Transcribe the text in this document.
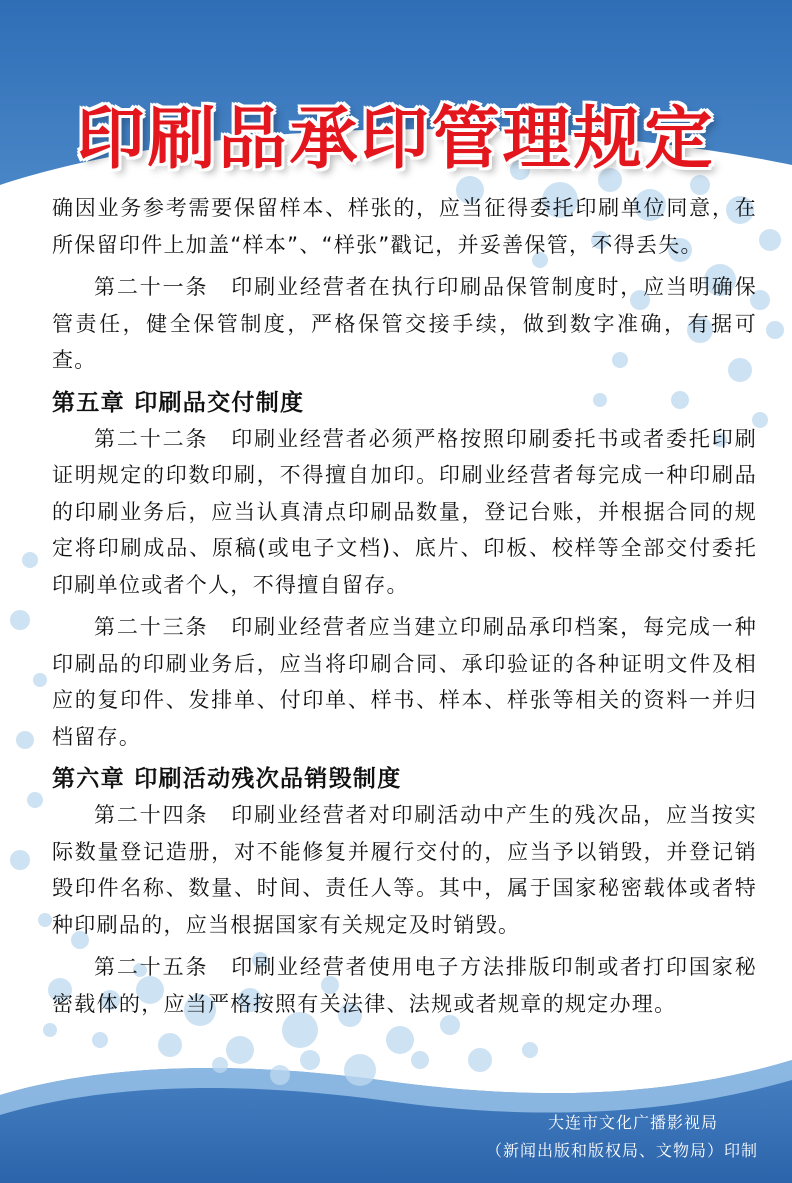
印刷品承印管理规定

确因业务参考需要保留样本、样张的，应当征得委托印刷单位同意，在所保留印件上加盖“样本”、“样张”戳记，并妥善保管，不得丢失。

第二十一条　印刷业经营者在执行印刷品保管制度时，应当明确保管责任，健全保管制度，严格保管交接手续，做到数字准确，有据可查。

第五章 印刷品交付制度

第二十二条　印刷业经营者必须严格按照印刷委托书或者委托印刷证明规定的印数印刷，不得擅自加印。印刷业经营者每完成一种印刷品的印刷业务后，应当认真清点印刷品数量，登记台账，并根据合同的规定将印刷成品、原稿(或电子文档)、底片、印板、校样等全部交付委托印刷单位或者个人，不得擅自留存。

第二十三条　印刷业经营者应当建立印刷品承印档案，每完成一种印刷品的印刷业务后，应当将印刷合同、承印验证的各种证明文件及相应的复印件、发排单、付印单、样书、样本、样张等相关的资料一并归档留存。

第六章 印刷活动残次品销毁制度

第二十四条　印刷业经营者对印刷活动中产生的残次品，应当按实际数量登记造册，对不能修复并履行交付的，应当予以销毁，并登记销毁印件名称、数量、时间、责任人等。其中，属于国家秘密载体或者特种印刷品的，应当根据国家有关规定及时销毁。

第二十五条　印刷业经营者使用电子方法排版印制或者打印国家秘密载体的，应当严格按照有关法律、法规或者规章的规定办理。

大连市文化广播影视局
（新闻出版和版权局、文物局）印制
